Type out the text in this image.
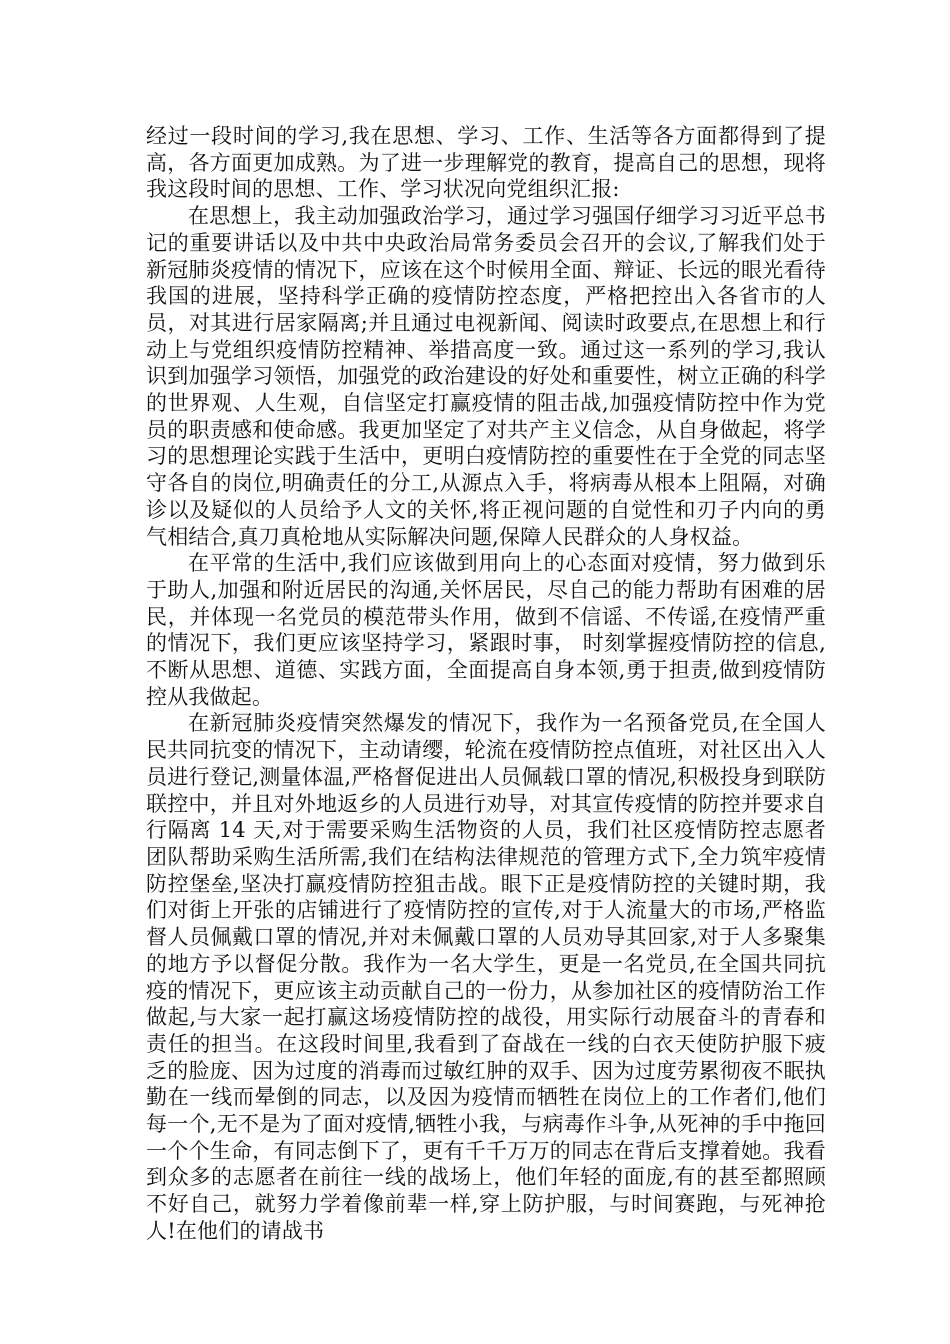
经过一段时间的学习,我在思想、学习、工作、生活等各方面都得到了提高，各方面更加成熟。为了进一步理解党的教育，提高自己的思想，现将我这段时间的思想、工作、学习状况向党组织汇报:

在思想上，我主动加强政治学习，通过学习强国仔细学习习近平总书记的重要讲话以及中共中央政治局常务委员会召开的会议,了解我们处于新冠肺炎疫情的情况下，应该在这个时候用全面、辩证、长远的眼光看待我国的进展，坚持科学正确的疫情防控态度，严格把控出入各省市的人员，对其进行居家隔离;并且通过电视新闻、阅读时政要点,在思想上和行动上与党组织疫情防控精神、举措高度一致。通过这一系列的学习,我认识到加强学习领悟，加强党的政治建设的好处和重要性，树立正确的科学的世界观、人生观，自信坚定打赢疫情的阻击战,加强疫情防控中作为党员的职责感和使命感。我更加坚定了对共产主义信念，从自身做起，将学习的思想理论实践于生活中，更明白疫情防控的重要性在于全党的同志坚守各自的岗位,明确责任的分工,从源点入手，将病毒从根本上阻隔，对确诊以及疑似的人员给予人文的关怀,将正视问题的自觉性和刃子内向的勇气相结合,真刀真枪地从实际解决问题,保障人民群众的人身权益。

在平常的生活中,我们应该做到用向上的心态面对疫情，努力做到乐于助人,加强和附近居民的沟通,关怀居民，尽自己的能力帮助有困难的居民，并体现一名党员的模范带头作用，做到不信谣、不传谣,在疫情严重的情况下，我们更应该坚持学习，紧跟时事， 时刻掌握疫情防控的信息,不断从思想、道德、实践方面，全面提高自身本领,勇于担责,做到疫情防控从我做起。

在新冠肺炎疫情突然爆发的情况下，我作为一名预备党员,在全国人民共同抗变的情况下，主动请缨，轮流在疫情防控点值班，对社区出入人员进行登记,测量体温,严格督促进出人员佩载口罩的情况,积极投身到联防联控中，并且对外地返乡的人员进行劝导，对其宣传疫情的防控并要求自行隔离 14 天,对于需要采购生活物资的人员，我们社区疫情防控志愿者团队帮助采购生活所需,我们在结构法律规范的管理方式下,全力筑牢疫情防控堡垒,坚决打赢疫情防控狙击战。眼下正是疫情防控的关键时期，我们对街上开张的店铺进行了疫情防控的宣传,对于人流量大的市场,严格监督人员佩戴口罩的情况,并对未佩戴口罩的人员劝导其回家,对于人多聚集的地方予以督促分散。我作为一名大学生，更是一名党员,在全国共同抗疫的情况下，更应该主动贡献自己的一份力，从参加社区的疫情防治工作做起,与大家一起打赢这场疫情防控的战役，用实际行动展奋斗的青春和责任的担当。在这段时间里,我看到了奋战在一线的白衣天使防护服下疲乏的脸庞、因为过度的消毒而过敏红肿的双手、因为过度劳累彻夜不眠执勤在一线而晕倒的同志，以及因为疫情而牺牲在岗位上的工作者们,他们每一个,无不是为了面对疫情,牺牲小我，与病毒作斗争,从死神的手中拖回一个个生命，有同志倒下了，更有千千万万的同志在背后支撑着她。我看到众多的志愿者在前往一线的战场上，他们年轻的面庞,有的甚至都照顾不好自己，就努力学着像前辈一样,穿上防护服，与时间赛跑，与死神抢人!在他们的请战书
